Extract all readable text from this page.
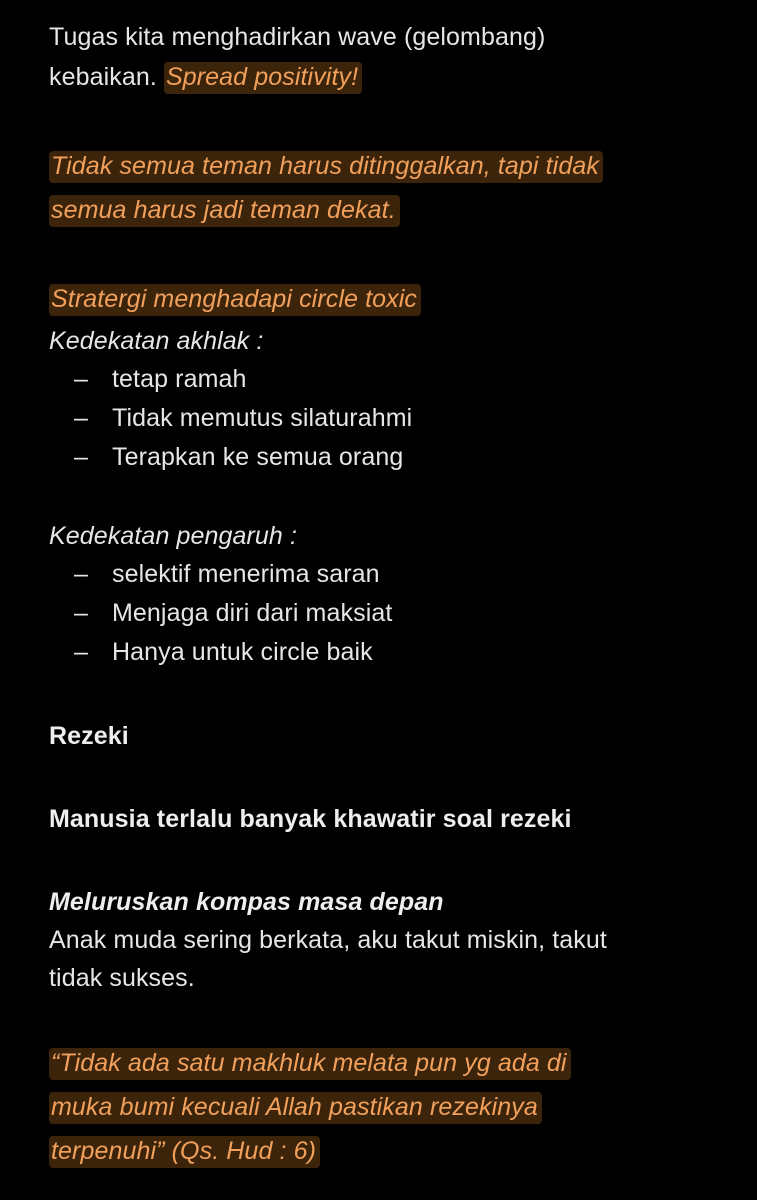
Tugas kita menghadirkan wave (gelombang)
kebaikan. Spread positivity!
Tidak semua teman harus ditinggalkan, tapi tidak
semua harus jadi teman dekat.
Stratergi menghadapi circle toxic
Kedekatan akhlak :
– tetap ramah
– Tidak memutus silaturahmi
– Terapkan ke semua orang
Kedekatan pengaruh :
– selektif menerima saran
– Menjaga diri dari maksiat
– Hanya untuk circle baik
Rezeki
Manusia terlalu banyak khawatir soal rezeki
Meluruskan kompas masa depan
Anak muda sering berkata, aku takut miskin, takut
tidak sukses.
“Tidak ada satu makhluk melata pun yg ada di
muka bumi kecuali Allah pastikan rezekinya
terpenuhi” (Qs. Hud : 6)
